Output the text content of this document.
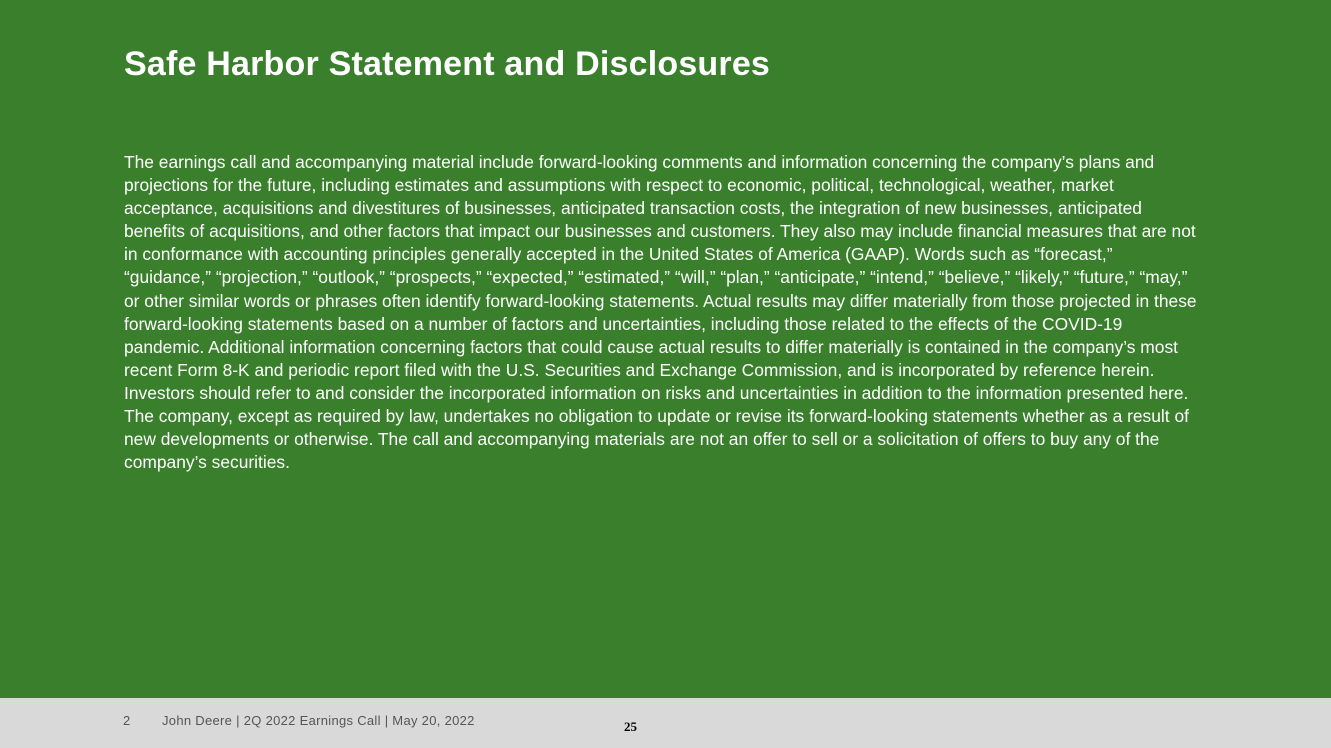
Safe Harbor Statement and Disclosures

The earnings call and accompanying material include forward-looking comments and information concerning the company’s plans and projections for the future, including estimates and assumptions with respect to economic, political, technological, weather, market acceptance, acquisitions and divestitures of businesses, anticipated transaction costs, the integration of new businesses, anticipated benefits of acquisitions, and other factors that impact our businesses and customers. They also may include financial measures that are not in conformance with accounting principles generally accepted in the United States of America (GAAP). Words such as “forecast,” “guidance,” “projection,” “outlook,” “prospects,” “expected,” “estimated,” “will,” “plan,” “anticipate,” “intend,” “believe,” “likely,” “future,” “may,” or other similar words or phrases often identify forward-looking statements. Actual results may differ materially from those projected in these forward-looking statements based on a number of factors and uncertainties, including those related to the effects of the COVID-19 pandemic. Additional information concerning factors that could cause actual results to differ materially is contained in the company’s most recent Form 8-K and periodic report filed with the U.S. Securities and Exchange Commission, and is incorporated by reference herein. Investors should refer to and consider the incorporated information on risks and uncertainties in addition to the information presented here. The company, except as required by law, undertakes no obligation to update or revise its forward-looking statements whether as a result of new developments or otherwise. The call and accompanying materials are not an offer to sell or a solicitation of offers to buy any of the company’s securities.

2 John Deere | 2Q 2022 Earnings Call | May 20, 2022	25
